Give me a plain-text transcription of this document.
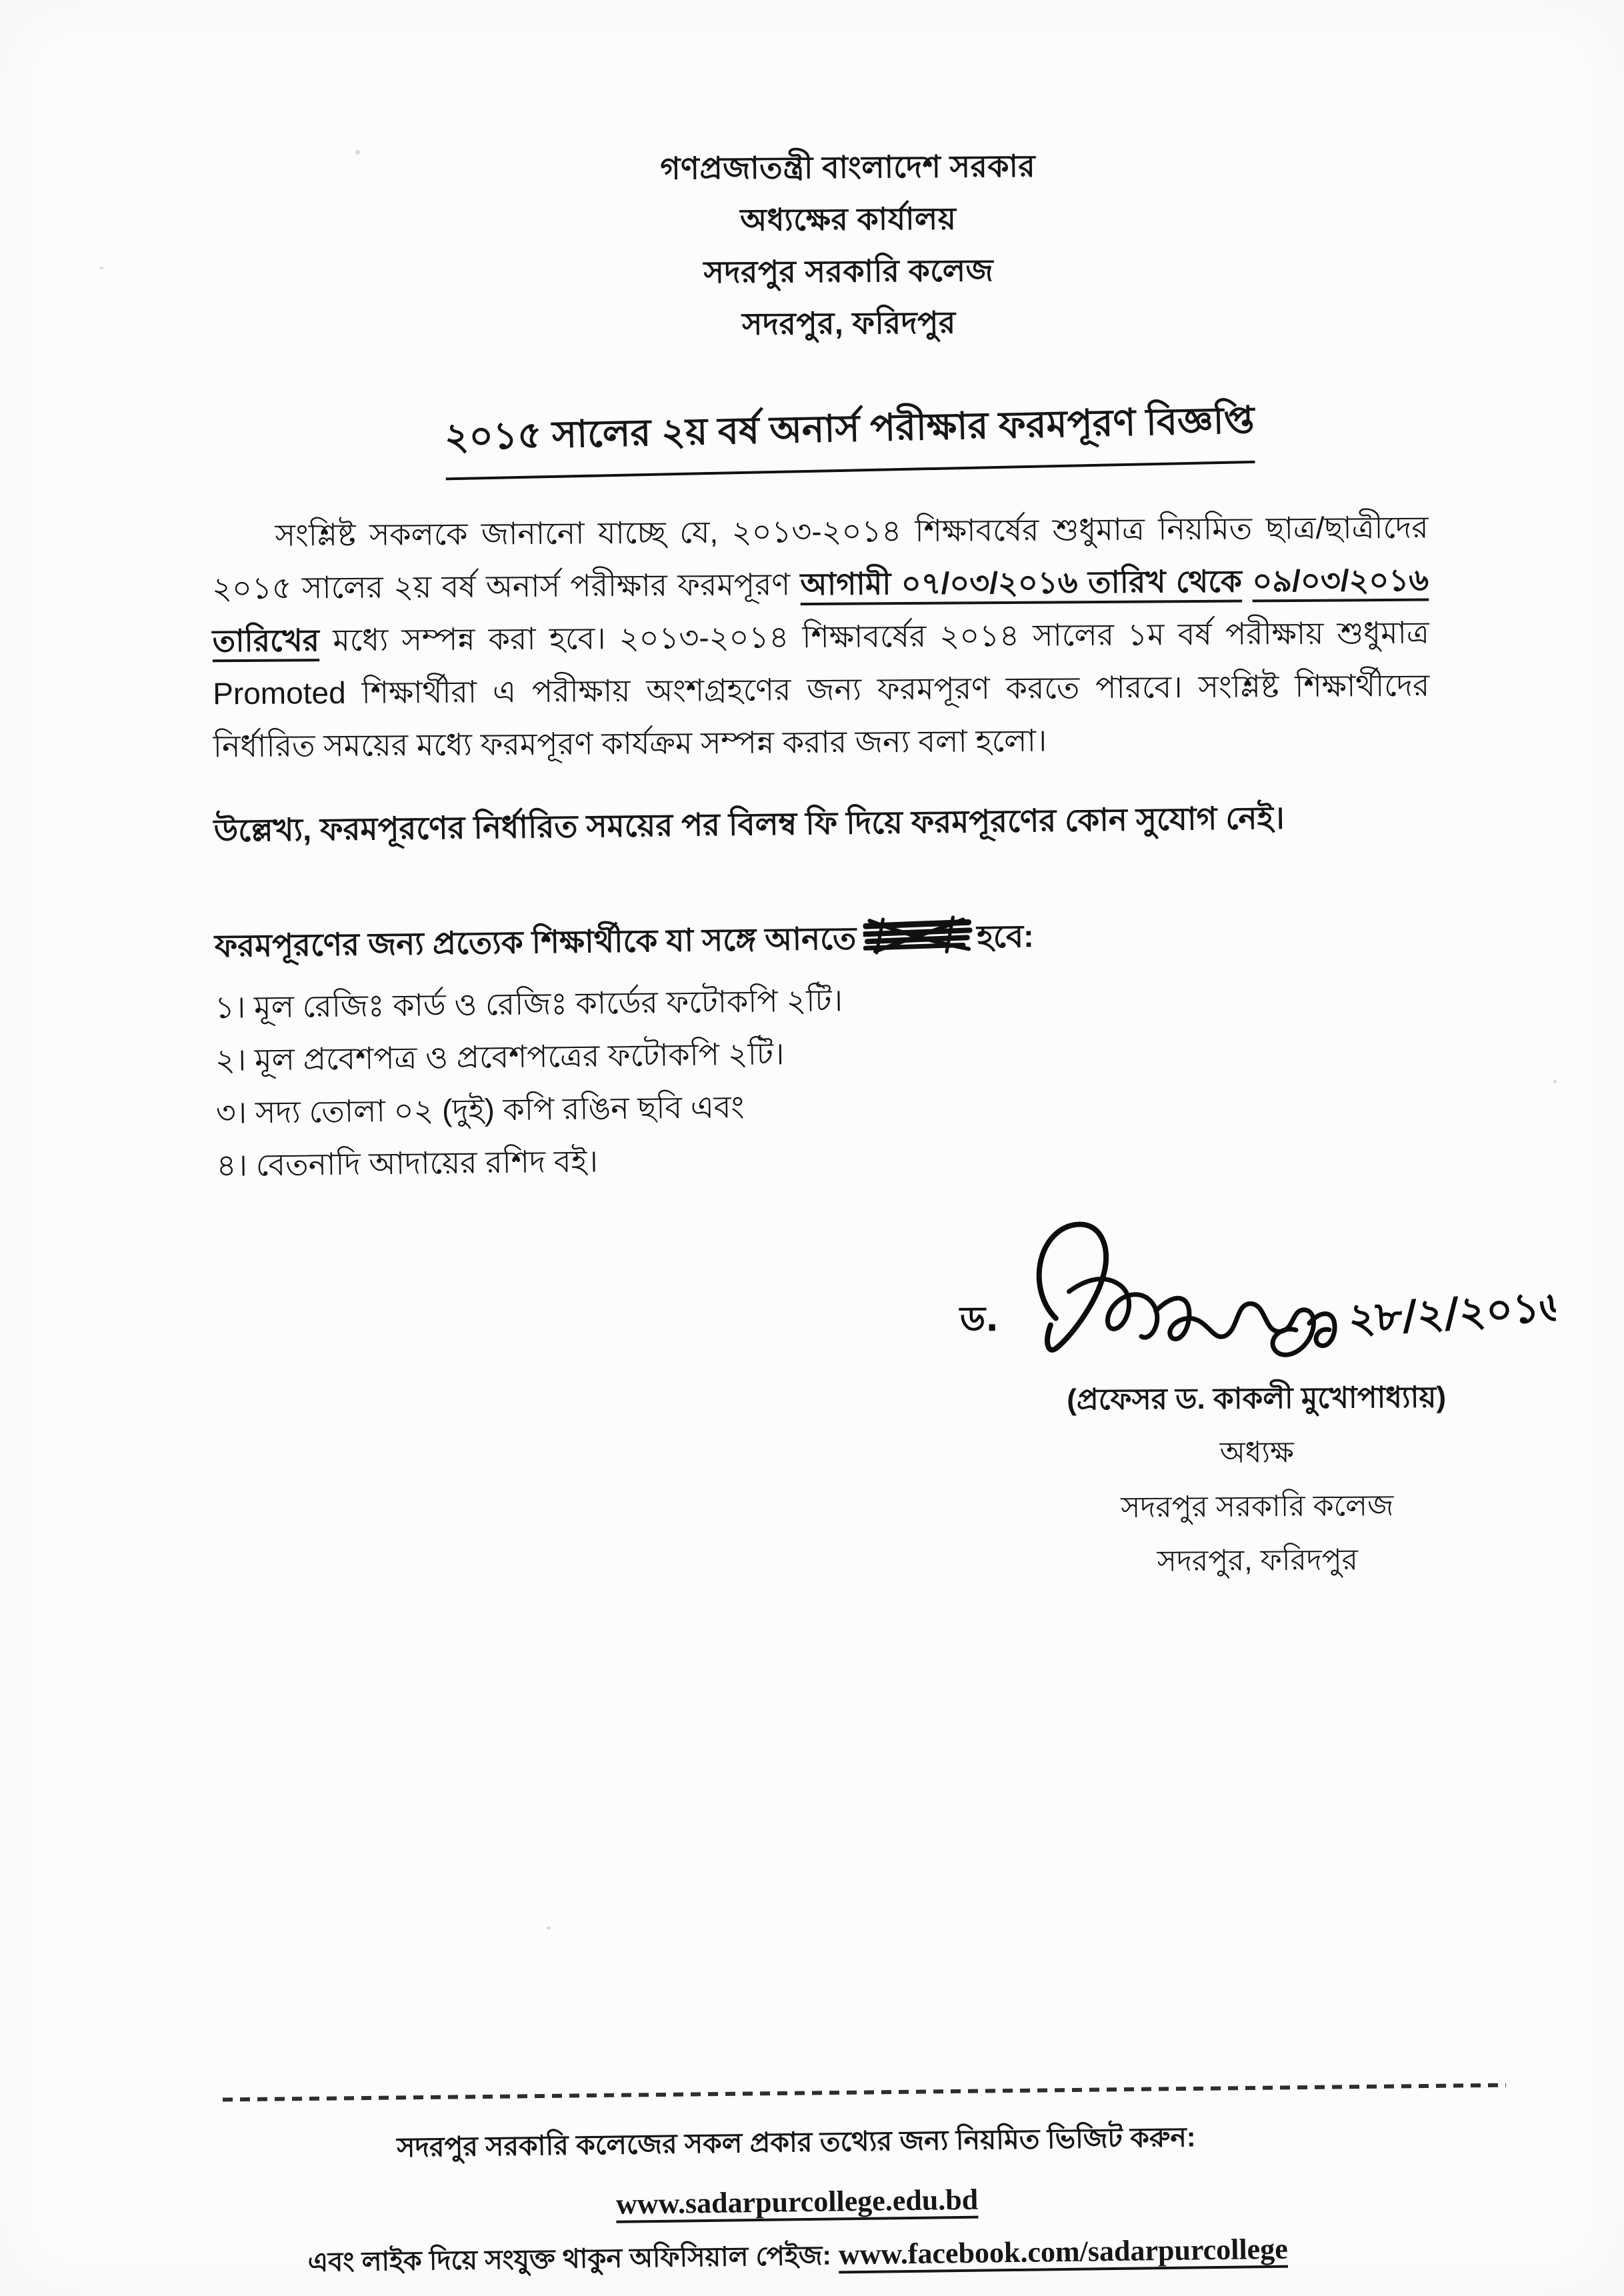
গণপ্রজাতন্ত্রী বাংলাদেশ সরকার
অধ্যক্ষের কার্যালয়
সদরপুর সরকারি কলেজ
সদরপুর, ফরিদপুর
২০১৫ সালের ২য় বর্ষ অনার্স পরীক্ষার ফরমপূরণ বিজ্ঞপ্তি
সংশ্লিষ্ট সকলকে জানানো যাচ্ছে যে, ২০১৩-২০১৪ শিক্ষাবর্ষের শুধুমাত্র নিয়মিত ছাত্র/ছাত্রীদের ২০১৫ সালের ২য় বর্ষ অনার্স পরীক্ষার ফরমপূরণ আগামী ০৭/০৩/২০১৬ তারিখ থেকে ০৯/০৩/২০১৬ তারিখের মধ্যে সম্পন্ন করা হবে। ২০১৩-২০১৪ শিক্ষাবর্ষের ২০১৪ সালের ১ম বর্ষ পরীক্ষায় শুধুমাত্র Promoted শিক্ষার্থীরা এ পরীক্ষায় অংশগ্রহণের জন্য ফরমপূরণ করতে পারবে। সংশ্লিষ্ট শিক্ষার্থীদের নির্ধারিত সময়ের মধ্যে ফরমপূরণ কার্যক্রম সম্পন্ন করার জন্য বলা হলো।
উল্লেখ্য, ফরমপূরণের নির্ধারিত সময়ের পর বিলম্ব ফি দিয়ে ফরমপূরণের কোন সুযোগ নেই।
ফরমপূরণের জন্য প্রত্যেক শিক্ষার্থীকে যা সঙ্গে আনতে	হবে:
১। মূল রেজিঃ কার্ড ও রেজিঃ কার্ডের ফটোকপি ২টি।
২। মূল প্রবেশপত্র ও প্রবেশপত্রের ফটোকপি ২টি।
৩। সদ্য তোলা ০২ (দুই) কপি রঙিন ছবি এবং
৪। বেতনাদি আদায়ের রশিদ বই।
ড.	২৮/২/২০১৬
(প্রফেসর ড. কাকলী মুখোপাধ্যায়)
অধ্যক্ষ
সদরপুর সরকারি কলেজ
সদরপুর, ফরিদপুর
সদরপুর সরকারি কলেজের সকল প্রকার তথ্যের জন্য নিয়মিত ভিজিট করুন: www.sadarpurcollege.edu.bd
এবং লাইক দিয়ে সংযুক্ত থাকুন অফিসিয়াল পেইজ: www.facebook.com/sadarpurcollege
